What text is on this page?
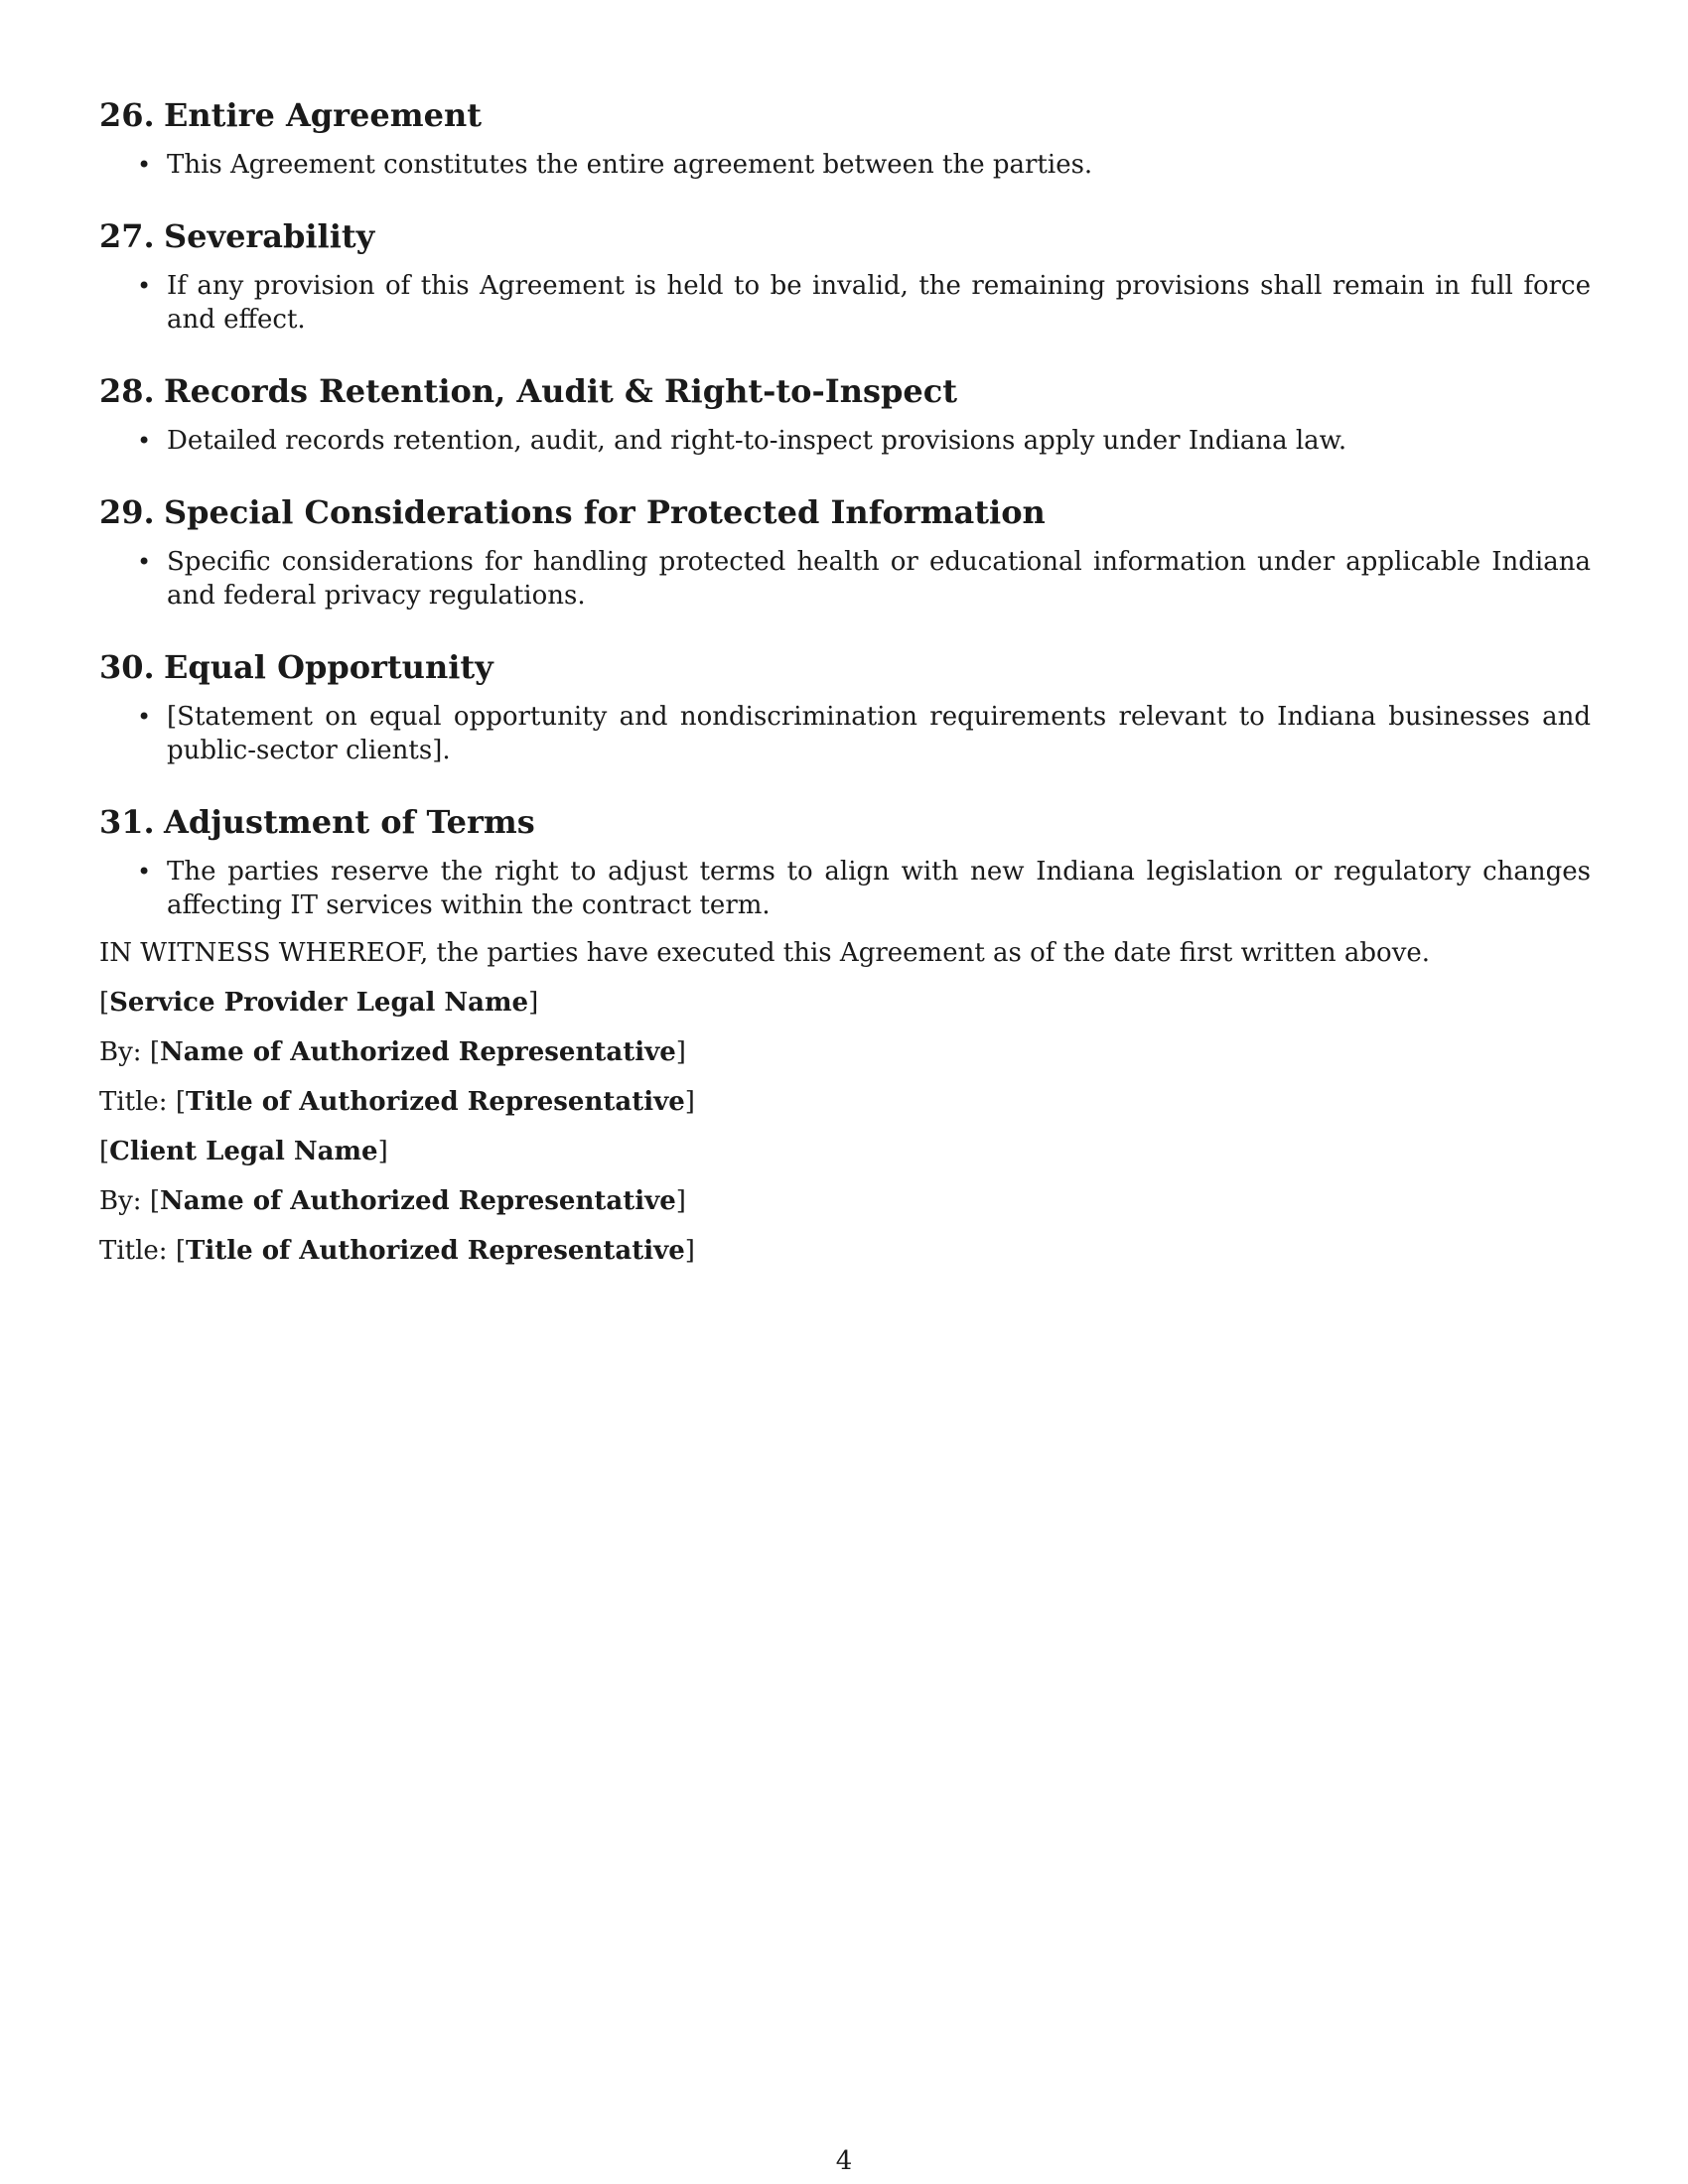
26. Entire Agreement
• This Agreement constitutes the entire agreement between the parties.
27. Severability
• If any provision of this Agreement is held to be invalid, the remaining provisions shall remain in full force and effect.
28. Records Retention, Audit & Right-to-Inspect
• Detailed records retention, audit, and right-to-inspect provisions apply under Indiana law.
29. Special Considerations for Protected Information
• Specific considerations for handling protected health or educational information under applicable Indiana and federal privacy regulations.
30. Equal Opportunity
• [Statement on equal opportunity and nondiscrimination requirements relevant to Indiana businesses and public-sector clients].
31. Adjustment of Terms
• The parties reserve the right to adjust terms to align with new Indiana legislation or regulatory changes affecting IT services within the contract term.

IN WITNESS WHEREOF, the parties have executed this Agreement as of the date first written above.

[Service Provider Legal Name]

By: [Name of Authorized Representative]

Title: [Title of Authorized Representative]

[Client Legal Name]

By: [Name of Authorized Representative]

Title: [Title of Authorized Representative]

4
